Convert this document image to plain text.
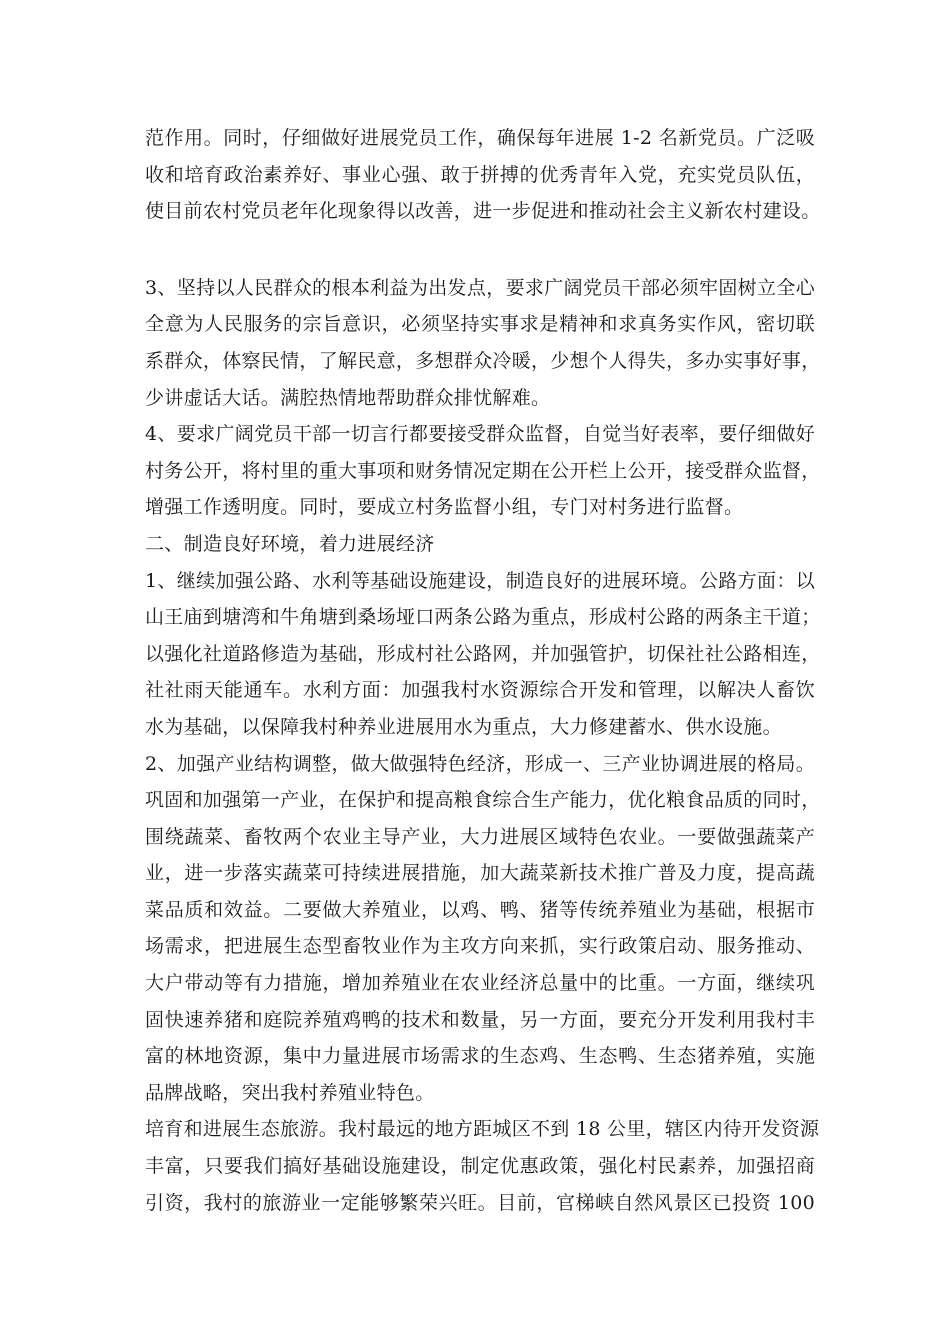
范作用。同时，仔细做好进展党员工作，确保每年进展 1-2 名新党员。广泛吸
收和培育政治素养好、事业心强、敢于拼搏的优秀青年入党，充实党员队伍，
使目前农村党员老年化现象得以改善，进一步促进和推动社会主义新农村建设。
3、坚持以人民群众的根本利益为出发点，要求广阔党员干部必须牢固树立全心
全意为人民服务的宗旨意识，必须坚持实事求是精神和求真务实作风，密切联
系群众，体察民情，了解民意，多想群众冷暖，少想个人得失，多办实事好事，
少讲虚话大话。满腔热情地帮助群众排忧解难。
4、要求广阔党员干部一切言行都要接受群众监督，自觉当好表率，要仔细做好
村务公开，将村里的重大事项和财务情况定期在公开栏上公开，接受群众监督，
增强工作透明度。同时，要成立村务监督小组，专门对村务进行监督。
二、制造良好环境，着力进展经济
1、继续加强公路、水利等基础设施建设，制造良好的进展环境。公路方面：以
山王庙到塘湾和牛角塘到桑场垭口两条公路为重点，形成村公路的两条主干道；
以强化社道路修造为基础，形成村社公路网，并加强管护，切保社社公路相连，
社社雨天能通车。水利方面：加强我村水资源综合开发和管理，以解决人畜饮
水为基础，以保障我村种养业进展用水为重点，大力修建蓄水、供水设施。
2、加强产业结构调整，做大做强特色经济，形成一、三产业协调进展的格局。
巩固和加强第一产业，在保护和提高粮食综合生产能力，优化粮食品质的同时，
围绕蔬菜、畜牧两个农业主导产业，大力进展区域特色农业。一要做强蔬菜产
业，进一步落实蔬菜可持续进展措施，加大蔬菜新技术推广普及力度，提高蔬
菜品质和效益。二要做大养殖业，以鸡、鸭、猪等传统养殖业为基础，根据市
场需求，把进展生态型畜牧业作为主攻方向来抓，实行政策启动、服务推动、
大户带动等有力措施，增加养殖业在农业经济总量中的比重。一方面，继续巩
固快速养猪和庭院养殖鸡鸭的技术和数量，另一方面，要充分开发利用我村丰
富的林地资源，集中力量进展市场需求的生态鸡、生态鸭、生态猪养殖，实施
品牌战略，突出我村养殖业特色。
培育和进展生态旅游。我村最远的地方距城区不到 18 公里，辖区内待开发资源
丰富，只要我们搞好基础设施建设，制定优惠政策，强化村民素养，加强招商
引资，我村的旅游业一定能够繁荣兴旺。目前，官梯峡自然风景区已投资 100
